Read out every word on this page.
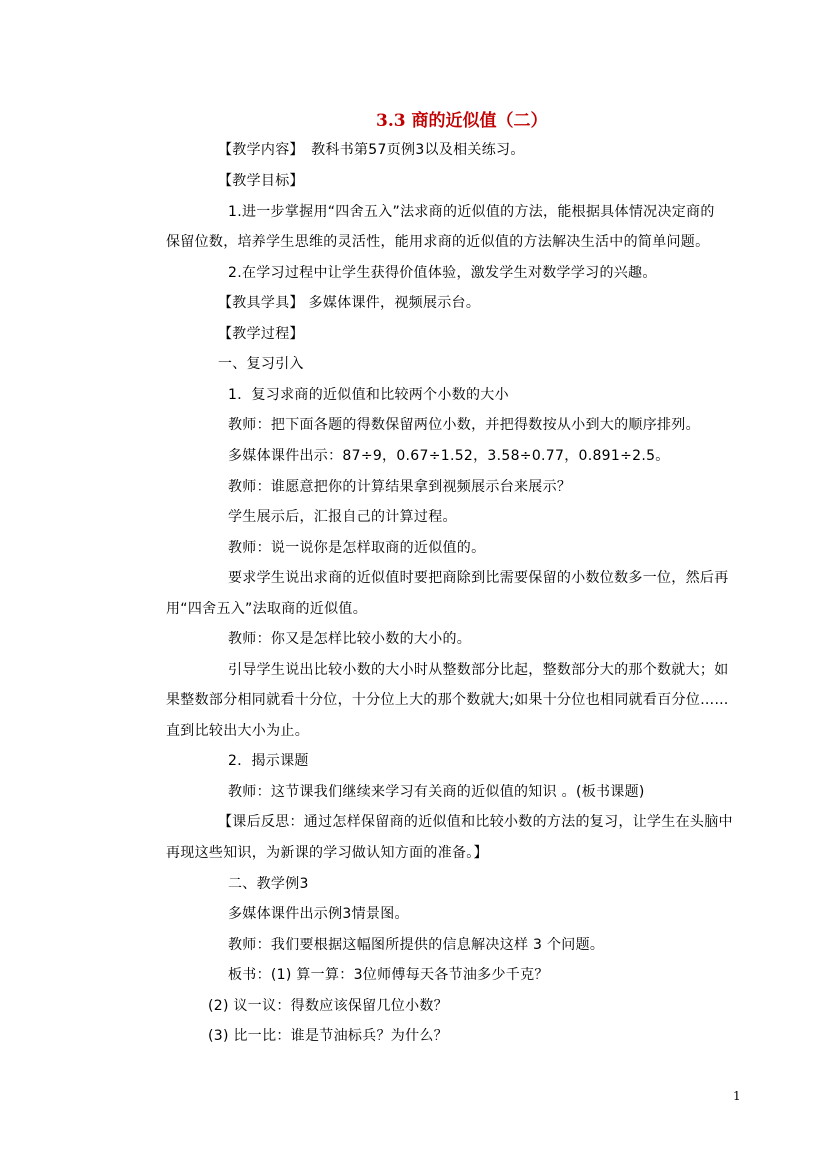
3.3 商的近似值（二）
【教学内容】　教科书第57页例3以及相关练习。
【教学目标】
1.进一步掌握用“四舍五入”法求商的近似值的方法，能根据具体情况决定商的
保留位数，培养学生思维的灵活性，能用求商的近似值的方法解决生活中的简单问题。
2.在学习过程中让学生获得价值体验，激发学生对数学学习的兴趣。
【教具学具】 多媒体课件，视频展示台。
【教学过程】
一、复习引入
1．复习求商的近似值和比较两个小数的大小
教师：把下面各题的得数保留两位小数，并把得数按从小到大的顺序排列。
多媒体课件出示：87÷9，0.67÷1.52，3.58÷0.77，0.891÷2.5。
教师：谁愿意把你的计算结果拿到视频展示台来展示？
学生展示后，汇报自己的计算过程。
教师：说一说你是怎样取商的近似值的。
要求学生说出求商的近似值时要把商除到比需要保留的小数位数多一位，然后再
用“四舍五入”法取商的近似值。
教师：你又是怎样比较小数的大小的。
引导学生说出比较小数的大小时从整数部分比起，整数部分大的那个数就大；如
果整数部分相同就看十分位，十分位上大的那个数就大;如果十分位也相同就看百分位……
直到比较出大小为止。
2．揭示课题
教师：这节课我们继续来学习有关商的近似值的知识 。(板书课题)
【课后反思：通过怎样保留商的近似值和比较小数的方法的复习，让学生在头脑中
再现这些知识，为新课的学习做认知方面的准备。】
二、教学例3
多媒体课件出示例3情景图。
教师：我们要根据这幅图所提供的信息解决这样 3 个问题。
板书：(1) 算一算：3位师傅每天各节油多少千克？
(2) 议一议：得数应该保留几位小数？
(3) 比一比：谁是节油标兵？为什么？
1
